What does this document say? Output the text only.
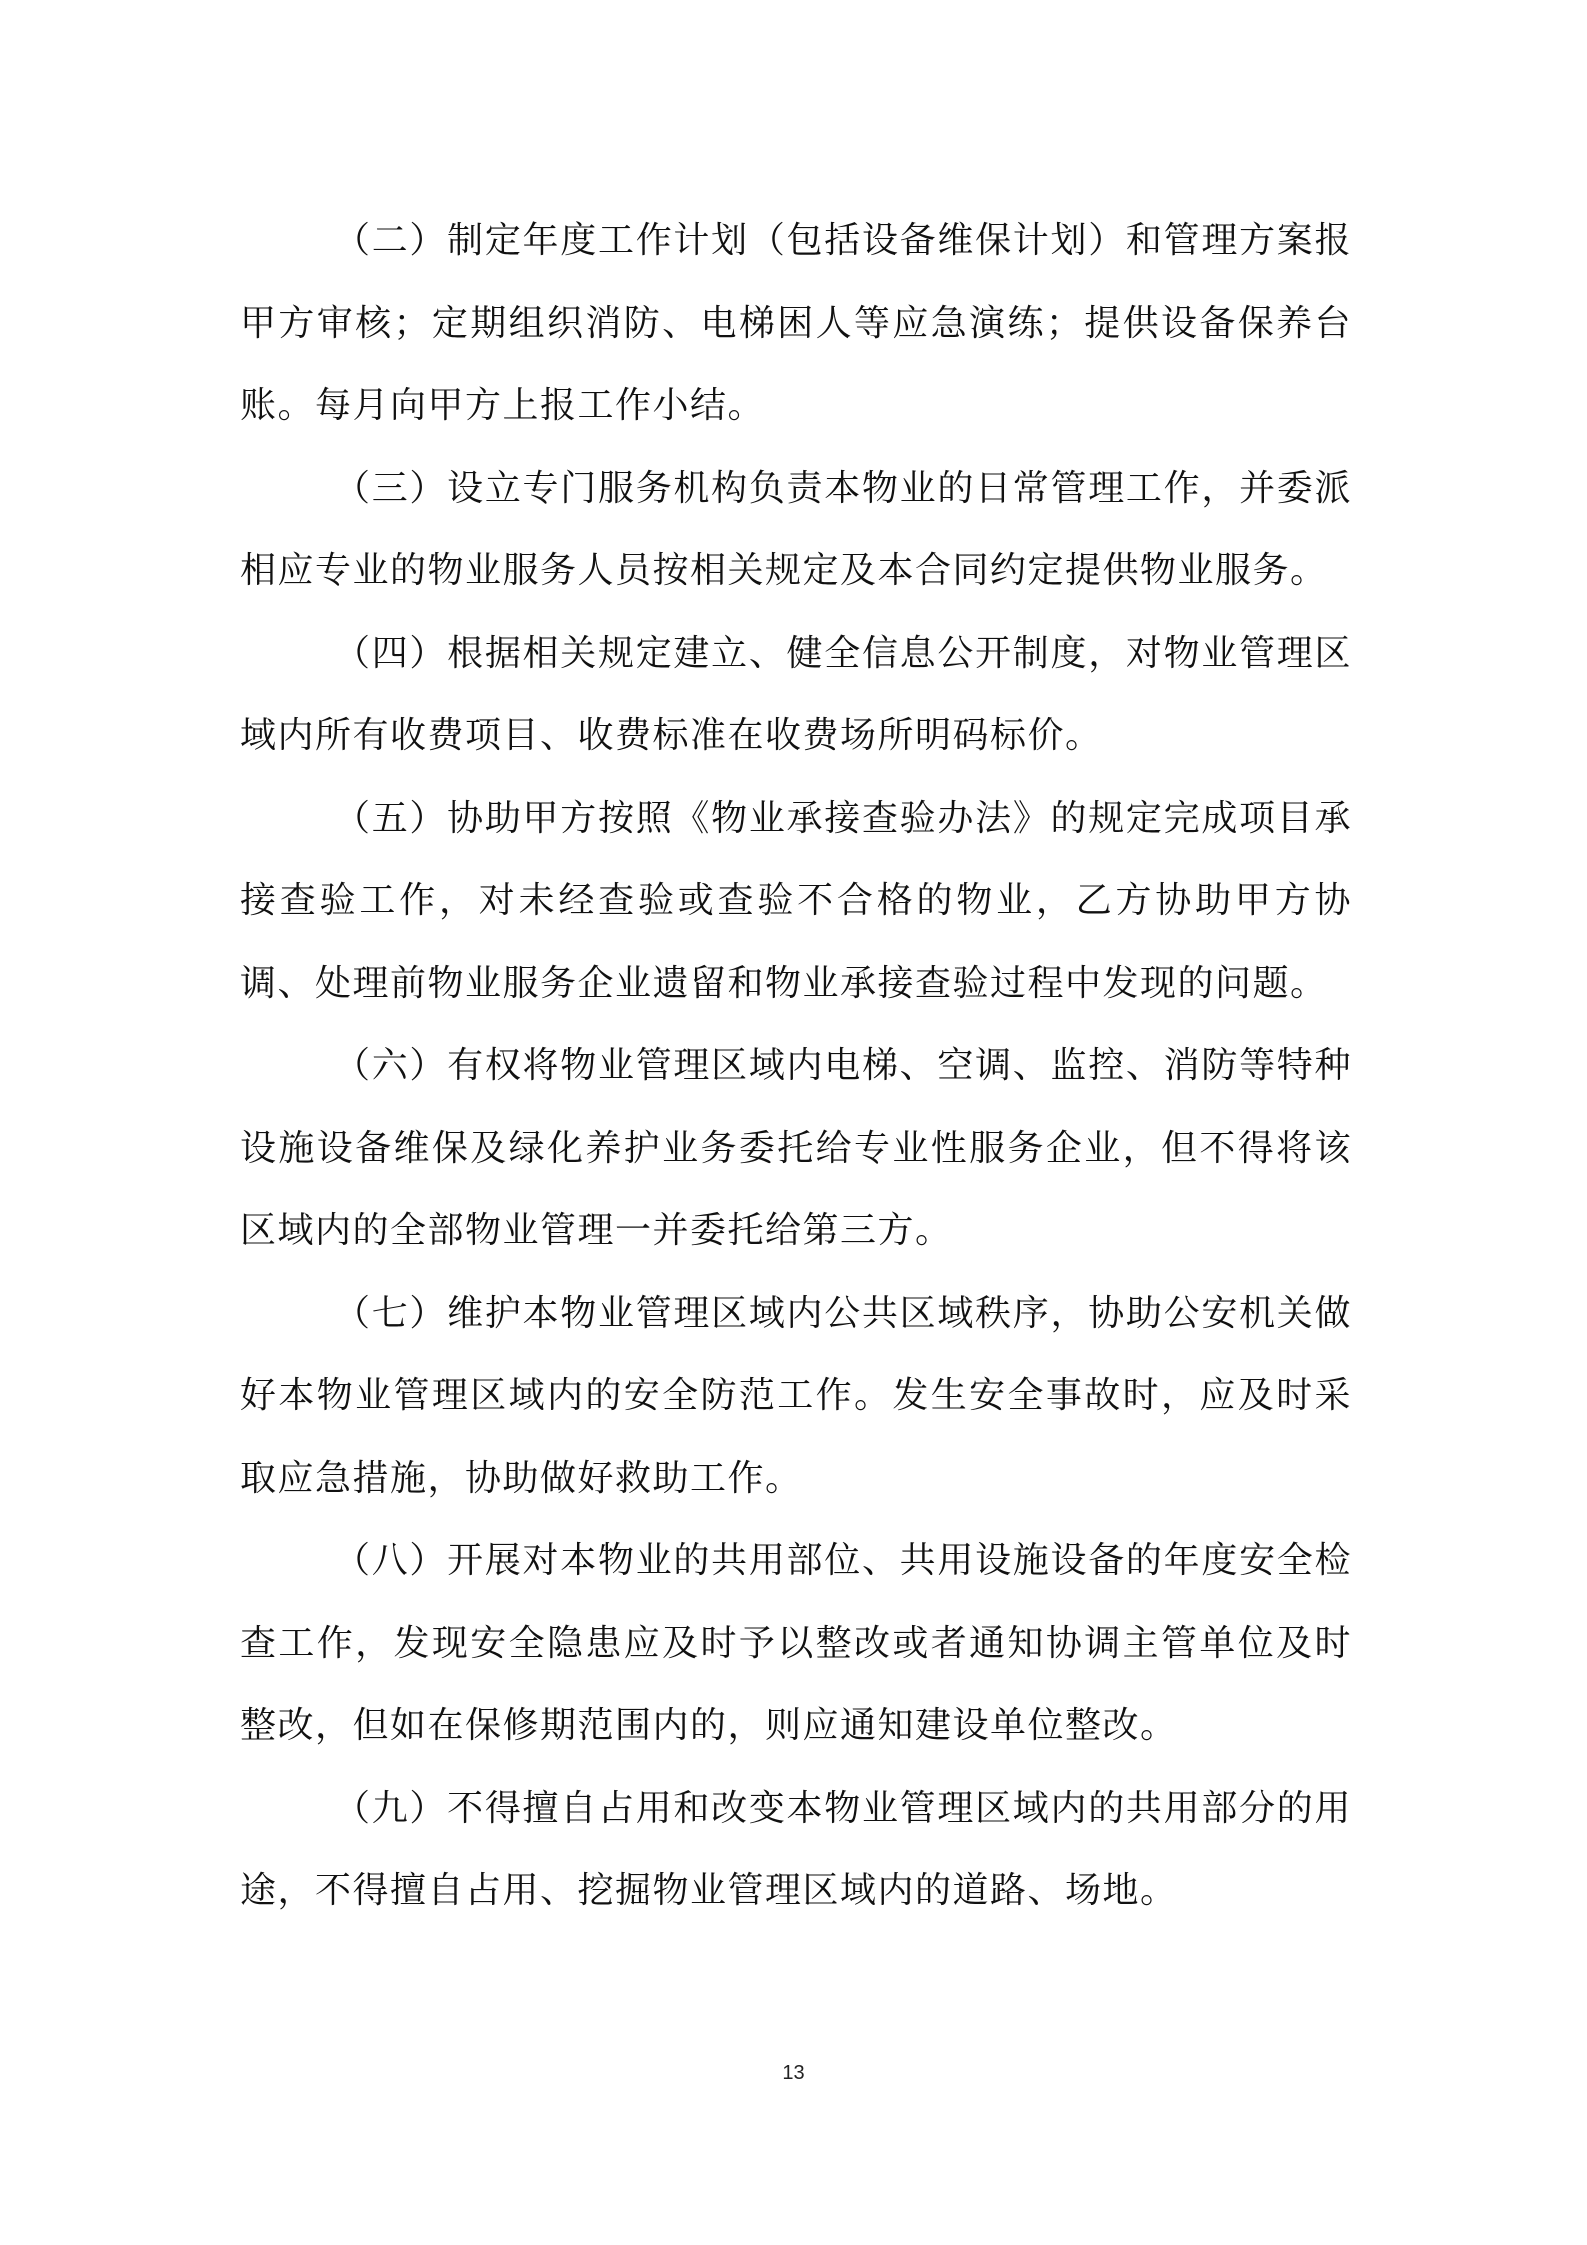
（二）制定年度工作计划（包括设备维保计划）和管理方案报甲方审核；定期组织消防、电梯困人等应急演练；提供设备保养台账。每月向甲方上报工作小结。

（三）设立专门服务机构负责本物业的日常管理工作，并委派相应专业的物业服务人员按相关规定及本合同约定提供物业服务。

（四）根据相关规定建立、健全信息公开制度，对物业管理区域内所有收费项目、收费标准在收费场所明码标价。

（五）协助甲方按照《物业承接查验办法》的规定完成项目承接查验工作，对未经查验或查验不合格的物业，乙方协助甲方协调、处理前物业服务企业遗留和物业承接查验过程中发现的问题。

（六）有权将物业管理区域内电梯、空调、监控、消防等特种设施设备维保及绿化养护业务委托给专业性服务企业，但不得将该区域内的全部物业管理一并委托给第三方。

（七）维护本物业管理区域内公共区域秩序，协助公安机关做好本物业管理区域内的安全防范工作。发生安全事故时，应及时采取应急措施，协助做好救助工作。

（八）开展对本物业的共用部位、共用设施设备的年度安全检查工作，发现安全隐患应及时予以整改或者通知协调主管单位及时整改，但如在保修期范围内的，则应通知建设单位整改。

（九）不得擅自占用和改变本物业管理区域内的共用部分的用途，不得擅自占用、挖掘物业管理区域内的道路、场地。

13
